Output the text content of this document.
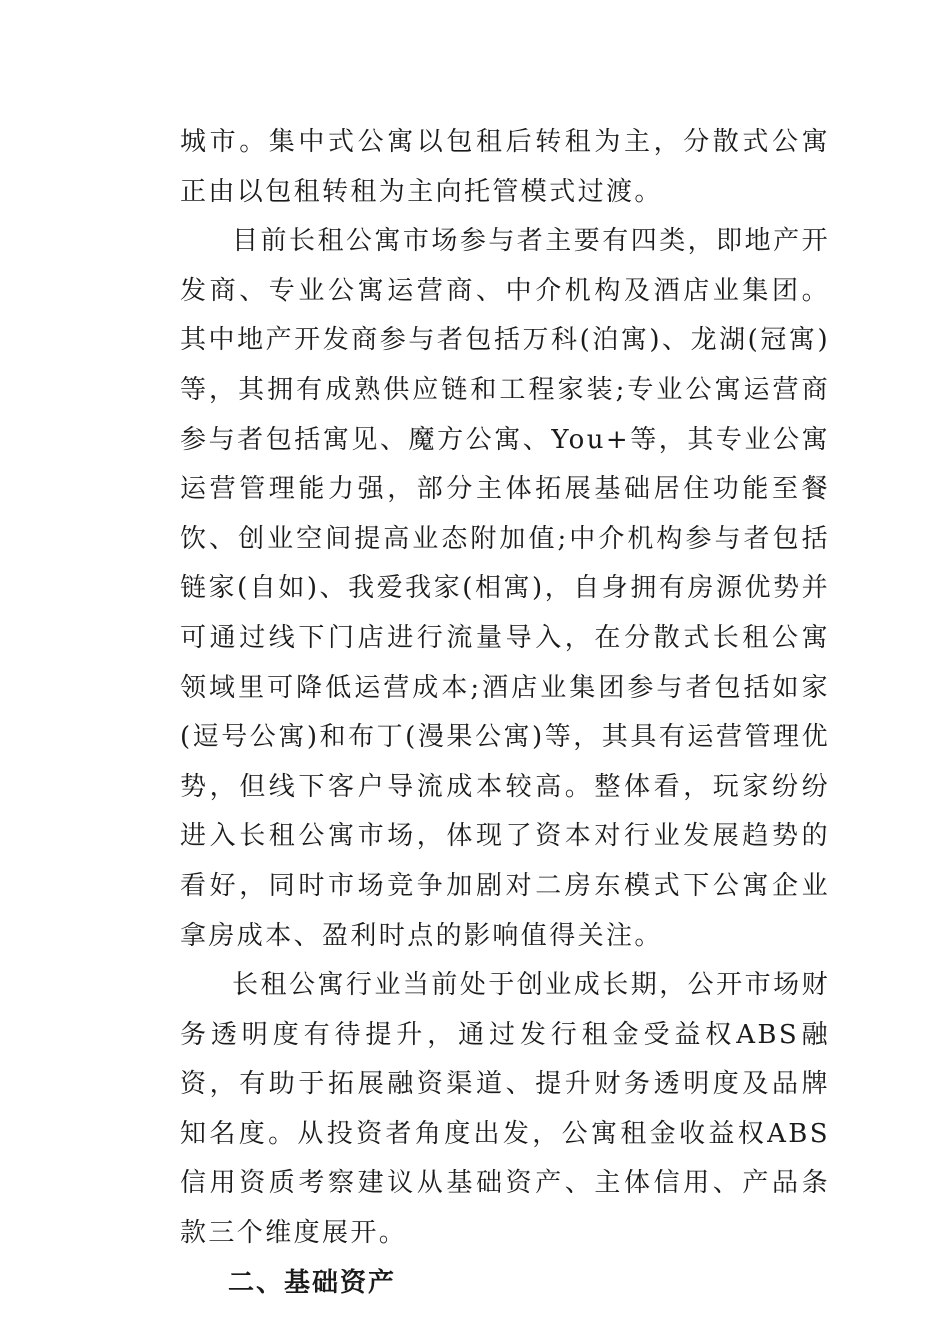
城市。集中式公寓以包租后转租为主，分散式公寓正由以包租转租为主向托管模式过渡。

目前长租公寓市场参与者主要有四类，即地产开发商、专业公寓运营商、中介机构及酒店业集团。其中地产开发商参与者包括万科(泊寓)、龙湖(冠寓)等，其拥有成熟供应链和工程家装;专业公寓运营商参与者包括寓见、魔方公寓、You+等，其专业公寓运营管理能力强，部分主体拓展基础居住功能至餐饮、创业空间提高业态附加值;中介机构参与者包括链家(自如)、我爱我家(相寓)，自身拥有房源优势并可通过线下门店进行流量导入，在分散式长租公寓领域里可降低运营成本;酒店业集团参与者包括如家(逗号公寓)和布丁(漫果公寓)等，其具有运营管理优势，但线下客户导流成本较高。整体看，玩家纷纷进入长租公寓市场，体现了资本对行业发展趋势的看好，同时市场竞争加剧对二房东模式下公寓企业拿房成本、盈利时点的影响值得关注。

长租公寓行业当前处于创业成长期，公开市场财务透明度有待提升，通过发行租金受益权ABS融资，有助于拓展融资渠道、提升财务透明度及品牌知名度。从投资者角度出发，公寓租金收益权ABS信用资质考察建议从基础资产、主体信用、产品条款三个维度展开。

二、基础资产
